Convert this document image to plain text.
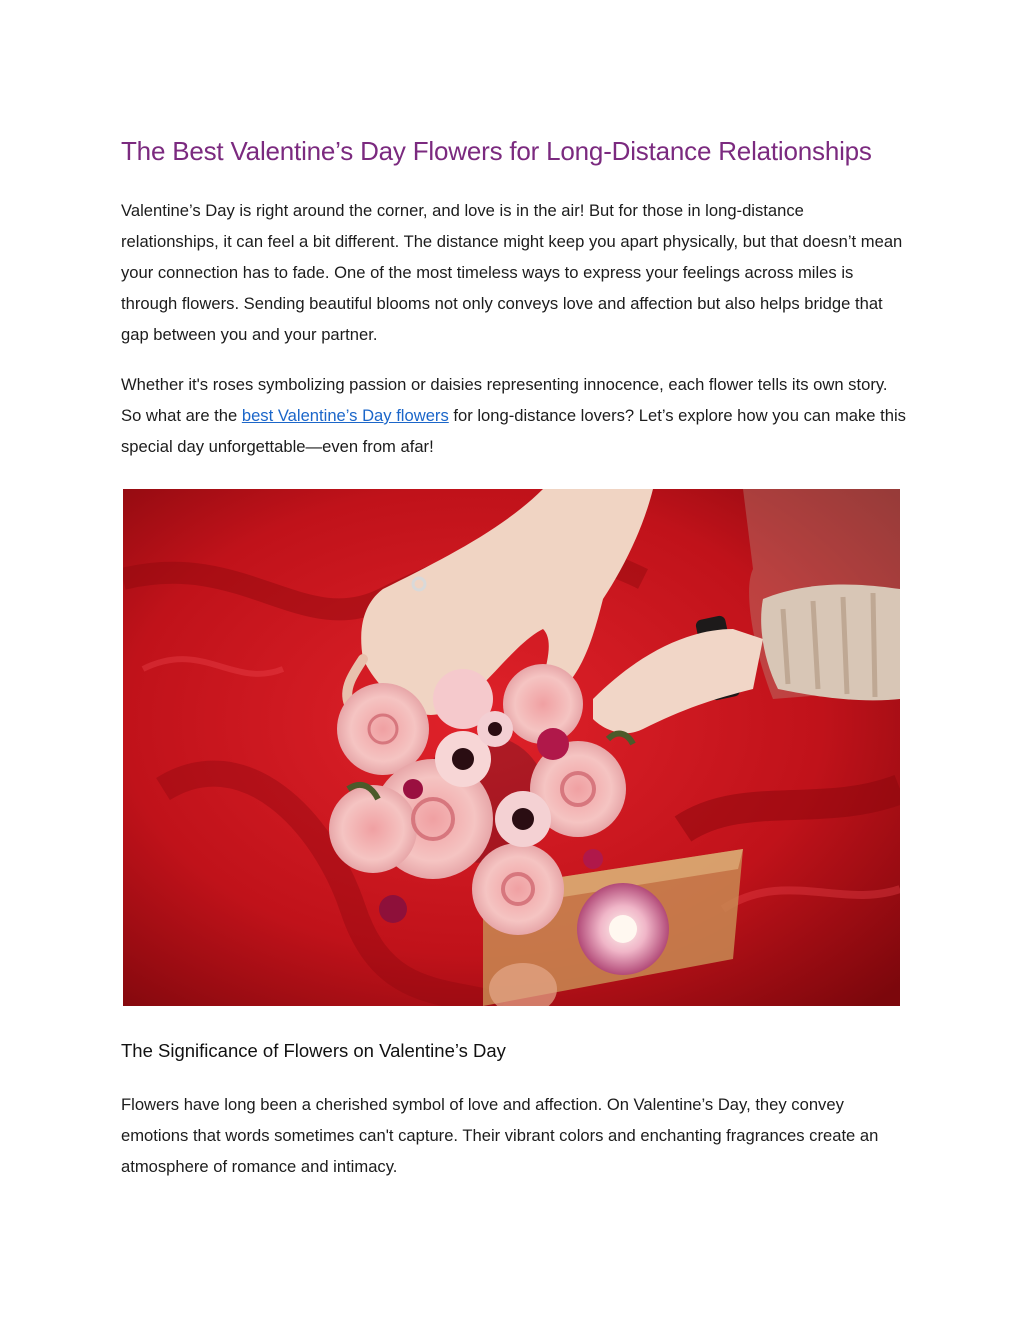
The Best Valentine’s Day Flowers for Long-Distance Relationships

Valentine’s Day is right around the corner, and love is in the air! But for those in long-distance relationships, it can feel a bit different. The distance might keep you apart physically, but that doesn’t mean your connection has to fade. One of the most timeless ways to express your feelings across miles is through flowers. Sending beautiful blooms not only conveys love and affection but also helps bridge that gap between you and your partner.

Whether it's roses symbolizing passion or daisies representing innocence, each flower tells its own story. So what are the best Valentine’s Day flowers for long-distance lovers? Let’s explore how you can make this special day unforgettable—even from afar!

The Significance of Flowers on Valentine’s Day

Flowers have long been a cherished symbol of love and affection. On Valentine’s Day, they convey emotions that words sometimes can't capture. Their vibrant colors and enchanting fragrances create an atmosphere of romance and intimacy.
